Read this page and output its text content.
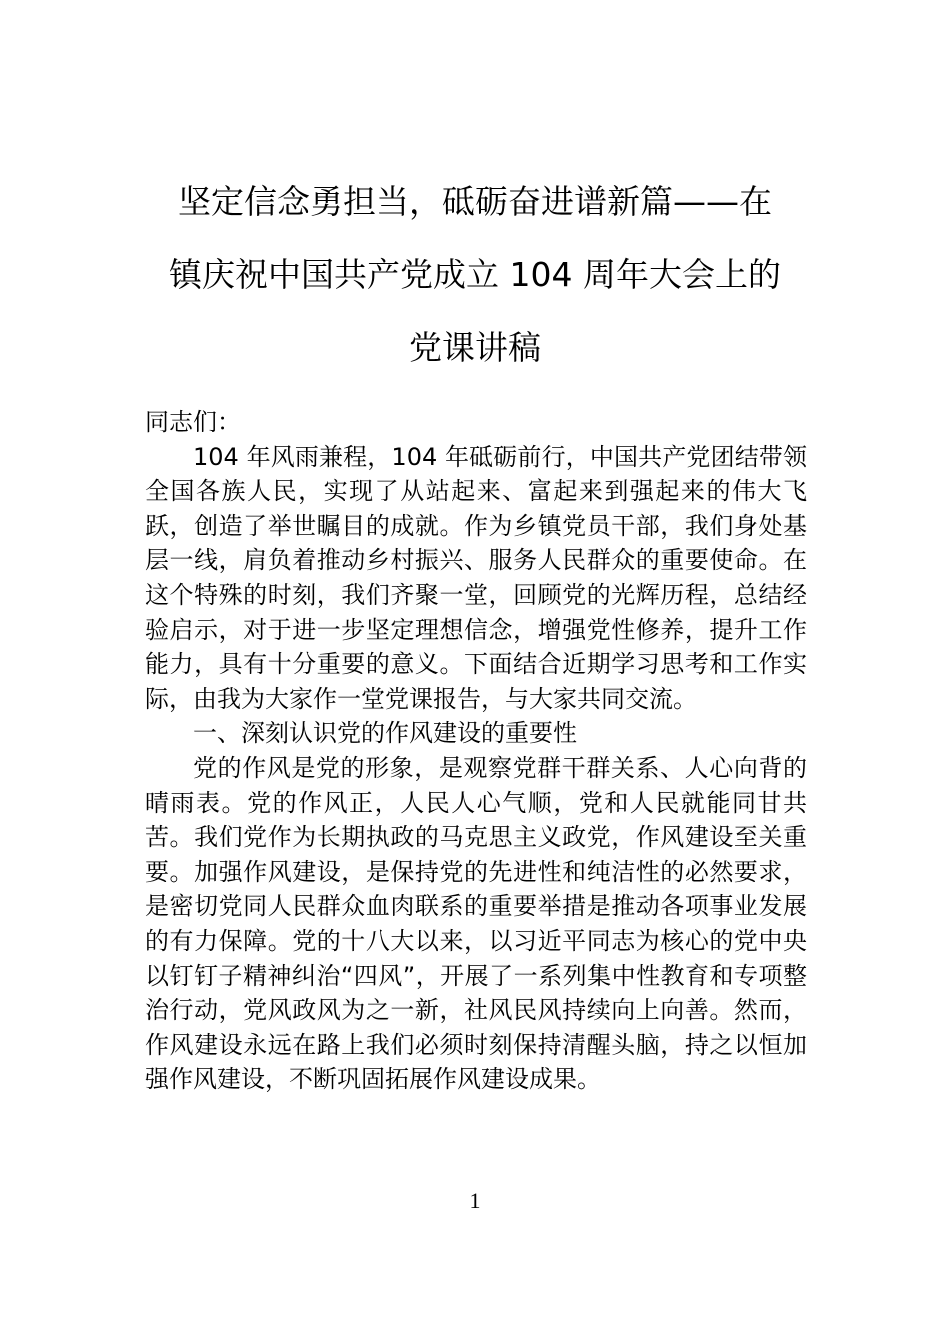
坚定信念勇担当，砥砺奋进谱新篇——在
镇庆祝中国共产党成立 104 周年大会上的
党课讲稿

同志们：

104 年风雨兼程，104 年砥砺前行，中国共产党团结带领全国各族人民，实现了从站起来、富起来到强起来的伟大飞跃，创造了举世瞩目的成就。作为乡镇党员干部，我们身处基层一线，肩负着推动乡村振兴、服务人民群众的重要使命。在这个特殊的时刻，我们齐聚一堂，回顾党的光辉历程，总结经验启示，对于进一步坚定理想信念，增强党性修养，提升工作能力，具有十分重要的意义。下面结合近期学习思考和工作实际，由我为大家作一堂党课报告，与大家共同交流。

一、深刻认识党的作风建设的重要性

党的作风是党的形象，是观察党群干群关系、人心向背的晴雨表。党的作风正，人民人心气顺，党和人民就能同甘共苦。我们党作为长期执政的马克思主义政党，作风建设至关重要。加强作风建设，是保持党的先进性和纯洁性的必然要求，是密切党同人民群众血肉联系的重要举措是推动各项事业发展的有力保障。党的十八大以来，以习近平同志为核心的党中央以钉钉子精神纠治“四风”，开展了一系列集中性教育和专项整治行动，党风政风为之一新，社风民风持续向上向善。然而，作风建设永远在路上我们必须时刻保持清醒头脑，持之以恒加强作风建设，不断巩固拓展作风建设成果。

1
